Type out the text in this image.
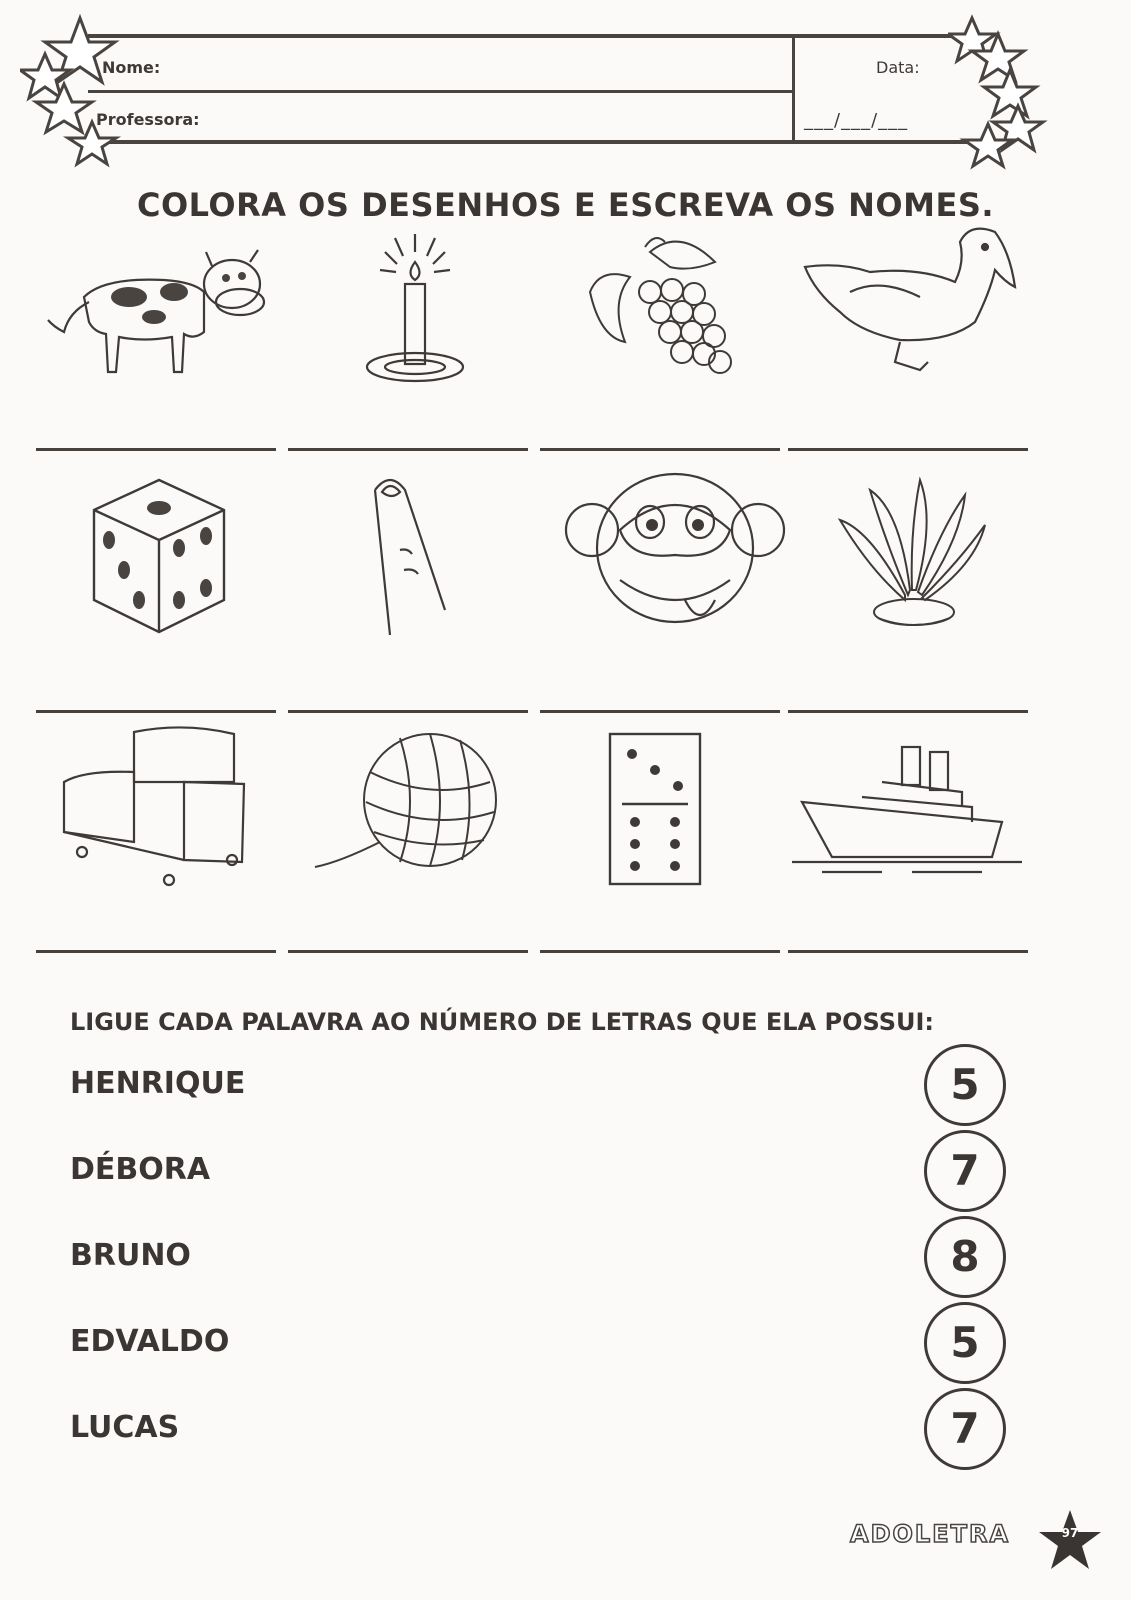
Nome:
Professora:
Data:
___/___/___
COLORA OS DESENHOS E ESCREVA OS NOMES.
LIGUE CADA PALAVRA AO NÚMERO DE LETRAS QUE ELA POSSUI:
HENRIQUE
DÉBORA
BRUNO
EDVALDO
LUCAS
5
7
8
5
7
ADOLETRA	97
